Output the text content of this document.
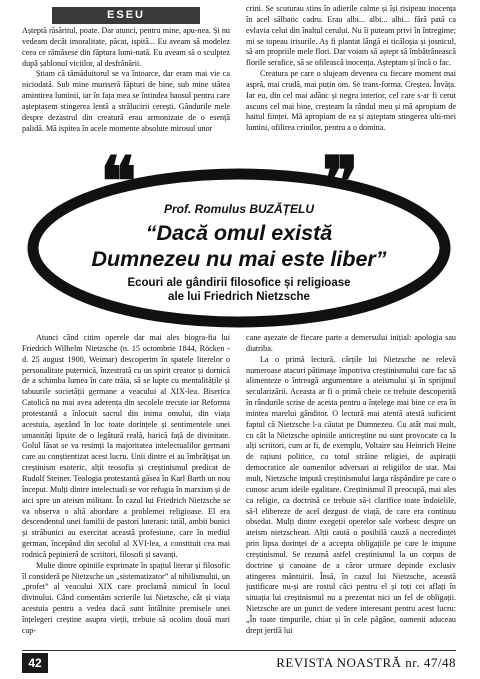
ESEU

Așteptă răsăritul, poate. Dar atunci, pentru mine, apu-nea. Și nu vedeam decât imoralitate, păcat, ispită... Eu aveam să modelez ceea ce rămăsese din făptura lumi-nată. Eu aveam să o sculptez după șablonul viciilor, al desfrânării.

Știam că tămăduitorul se va întoarce, dar eram mai vie ca niciodată. Sub mine muriseră făpturi de bine, sub mine stătea amintirea luminii, iar în fața mea se întindea haosul pentru care așteptasem stingerea lentă a strălucirii cerești. Gândurile mele despre dezastrul din creatură erau armonizate de o esență palidă. Mă ispitea în acele momente absolute mirosul unor

crini. Se scuturau stins în adierile calme și își risipeau inocența în acel sălbatic cadru. Erau albi... albi... albi... fără pată ca evlavia celui din înaltul cerului. Nu îi puteam privi în întregime; mi se topeau irisurile. Aș fi plantat lângă ei ticăloșia și josnicul, să am propriile mele flori. Dar voiam să aștept să îmbătrânească florile serafice, să se ofilească inocența. Așteptam și încă o fac.

Creatura pe care o slujeam devenea cu fiecare moment mai aspră, mai crudă, mai puțin om. Se trans-forma. Creștea. Învăța. Iar eu, din cel mai adânc și negru interior, cel care s-ar fi cerut ascuns cel mai bine, creșteam la rândul meu și mă apropiam de haitul ființei. Mă apropiam de ea și așteptam stingerea ulti-mei lumini, ofilirea crinilor, pentru a o domina.

❝	❞
Prof. Romulus BUZĂȚELU
“Dacă omul există
Dumnezeu nu mai este liber”
Ecouri ale gândirii filosofice și religioase
ale lui Friedrich Nietzsche

Atunci când citim operele dar mai ales biogra-fia lui Friedrich Wilhelm Nietzsche (n. 15 octombrie 1844, Röcken - d. 25 august 1900, Weimar) descoperim în spatele literelor o personalitate puternică, înzestrată cu un spirit creator și dornică de a schimba lumea în care trăia, să se lupte cu mentalitățile și tabuurile societății germane a veacului al XIX-lea. Biserica Catolică nu mai avea aderența din secolele trecute iar Reforma protestantă a înlocuit sacrul din inima omului, din viața acestuia, așezând în loc toate dorințele și sentimentele unei umanități lipsite de o legătură reală, harică față de divinitate. Golul lăsat se va resimți la majoritatea intelectualilor germani care au conștientizat acest lucru. Unii dintre ei au îmbrățișat un creștinism esoteric, alții teosofia și creștinismul predicat de Rudolf Steiner. Teologia protestantă găsea în Karl Barth un nou început. Mulți dintre intelectuali se vor refugia în marxism și de aici spre un ateism militant. În cazul lui Friedrich Nietzsche se va observa o altă abordare a problemei religioase. El era descendentul unei familii de pastori luterani: tatăl, ambii bunici și străbunici au exercitat această profesiune, care în mediul german, începând din secolul al XVI-lea, a constituit cea mai rodnică pepinieră de scriitori, filosofi și savanți.

Multe dintre opiniile exprimate în spațiul literar și filosofic îl consideră pe Nietzsche un „sistematizator” al nihilismului, un „profet” al veacului XIX care proclamă nimicul în locul divinului. Când comentăm scrierile lui Nietzsche, cât și viața acestuia pentru a vedea dacă sunt întâlnite premisele unei înțelegeri creștine asupra vieții, trebuie să ocolim două mari cap-

cane așezate de fiecare parte a demersului inițial: apologia sau diatriba.

La o primă lectură, cărțile lui Nietzsche ne relevă numeroase atacuri pătimașe împotriva creștinismului care fac să alimenteze o întreagă argumentare a ateismului și în sprijinul secularizării. Aceasta ar fi o primă cheie ce trebuie descoperită în rândurile scrise de acesta pentru a înțelege mai bine ce era în mintea marelui gânditor. O lectură mai atentă atestă suficient faptul că Nietzsche l-a căutat pe Dumnezeu. Cu atât mai mult, cu cât la Nietzsche opiniile anticreștine nu sunt provocate ca la alți scriitori, cum ar fi, de exemplu, Voltaire sau Heinrich Heine de rațiuni politice, cu totul străine religiei, de aspirații democratice ale oamenilor adversari ai religiilor de stat. Mai mult, Nietzsche impută creștinismului larga răspândire pe care o cunosc acum ideile egalitare. Creștinismul îl preocupă, mai ales ca religie, ca doctrină ce trebuie să-i clarifice toate îndoielile, să-l elibereze de acel dezgust de viață, de care era continuu obsedat. Mulți dintre exegeții operelor sale vorbesc despre un ateism nietzschean. Alții caută o posibilă cauză a necredinței prin lipsa dorinței de a accepta obligațiile pe care le impune creștinismul. Se rezumă astfel creștinismul la un corpus de doctrine și canoane de a căror urmare depinde exclusiv atingerea mântuirii. Însă, în cazul lui Nietzsche, această justificare nu-și are rostul căci pentru el și toți cei aflați în situația lui creștinismul nu a prezentat nici un fel de obligații. Nietzsche are un punct de vedere interesant pentru acest lucru: „În toate timpurile, chiar și în cele păgâne, oamenii aduceau drept jertfă lui

42	REVISTA NOASTRĂ nr. 47/48
